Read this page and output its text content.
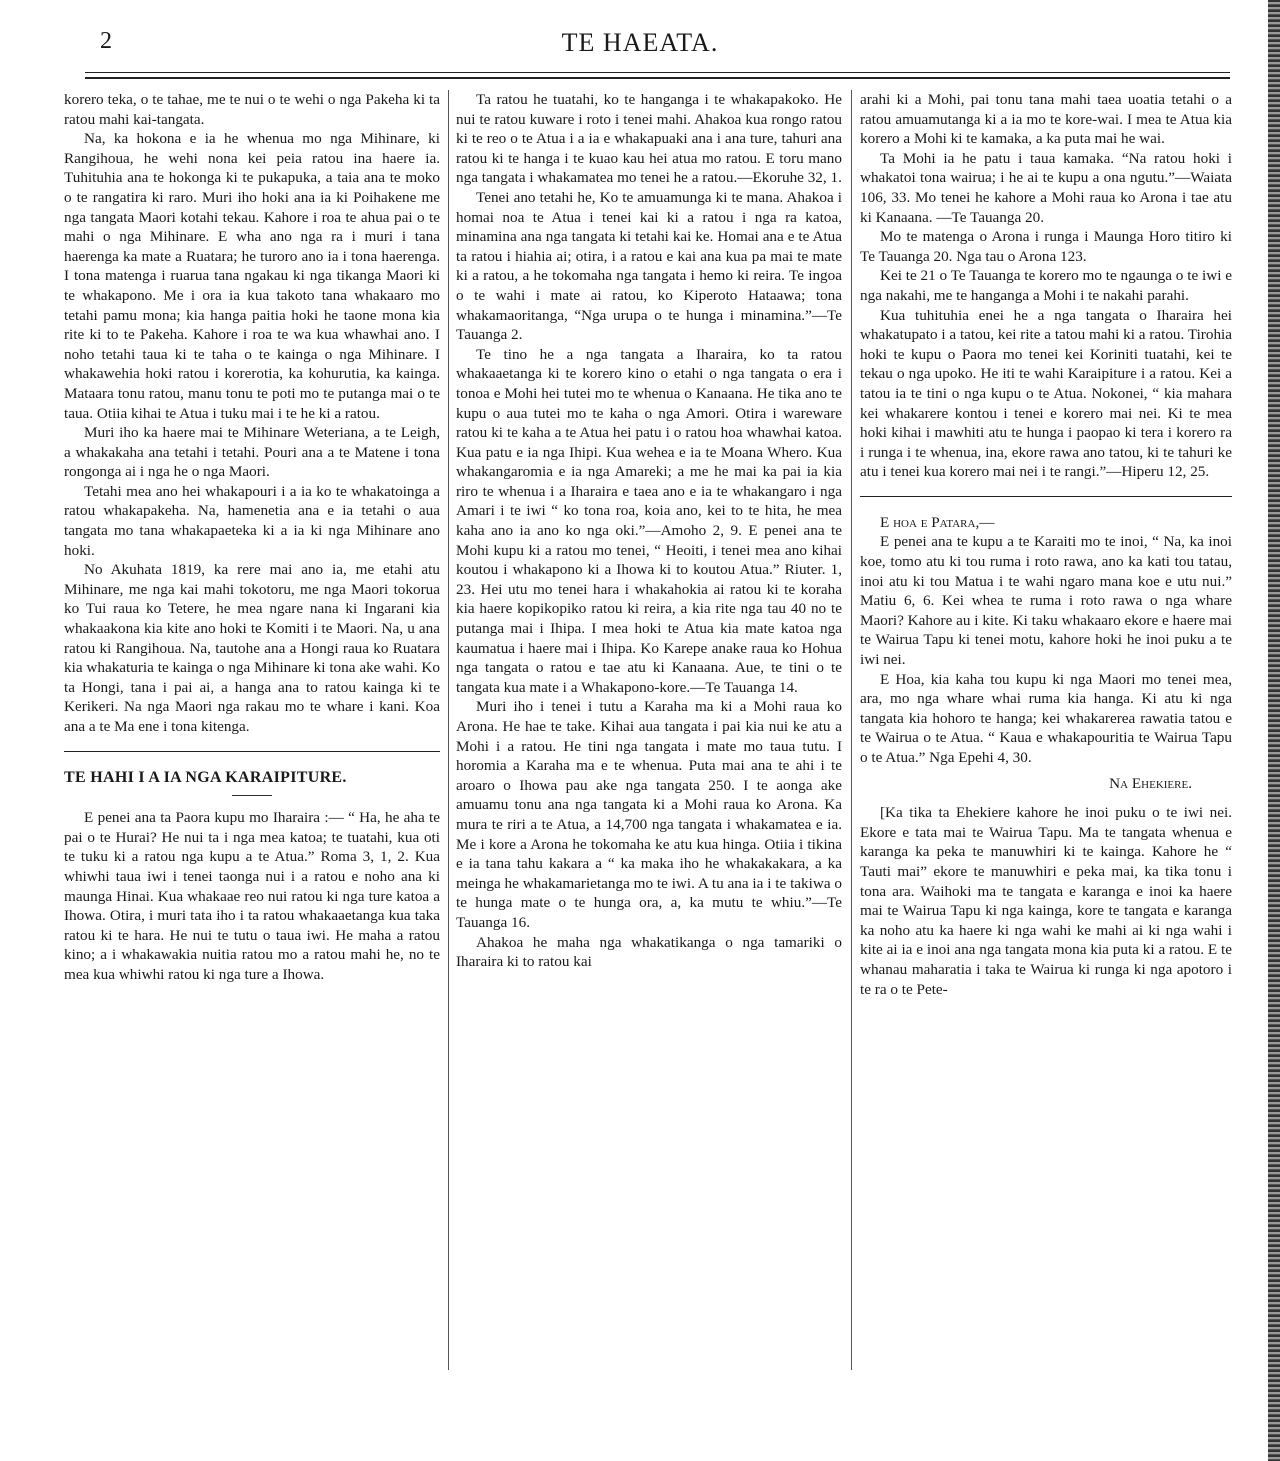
2	TE HAEATA.

korero teka, o te tahae, me te nui o te wehi o nga Pakeha ki ta ratou mahi kai-tangata.

Na, ka hokona e ia he whenua mo nga Mihinare, ki Rangihoua, he wehi nona kei peia ratou ina haere ia. Tuhituhia ana te hokonga ki te pukapuka, a taia ana te moko o te rangatira ki raro. Muri iho hoki ana ia ki Poihakene me nga tangata Maori kotahi tekau. Kahore i roa te ahua pai o te mahi o nga Mihinare. E wha ano nga ra i muri i tana haerenga ka mate a Ruatara; he turoro ano ia i tona haerenga. I tona matenga i ruarua tana ngakau ki nga tikanga Maori ki te whakapono. Me i ora ia kua takoto tana whakaaro mo tetahi pamu mona; kia hanga paitia hoki he taone mona kia rite ki to te Pakeha. Kahore i roa te wa kua whawhai ano. I noho tetahi taua ki te taha o te kainga o nga Mihinare. I whakawehia hoki ratou i korerotia, ka kohurutia, ka kainga. Mataara tonu ratou, manu tonu te poti mo te putanga mai o te taua. Otiia kihai te Atua i tuku mai i te he ki a ratou.

Muri iho ka haere mai te Mihinare Weteriana, a te Leigh, a whakakaha ana tetahi i tetahi. Pouri ana a te Matene i tona rongonga ai i nga he o nga Maori.

Tetahi mea ano hei whakapouri i a ia ko te whakatoinga a ratou whakapakeha. Na, hamenetia ana e ia tetahi o aua tangata mo tana whakapaeteka ki a ia ki nga Mihinare ano hoki.

No Akuhata 1819, ka rere mai ano ia, me etahi atu Mihinare, me nga kai mahi tokotoru, me nga Maori tokorua ko Tui raua ko Tetere, he mea ngare nana ki Ingarani kia whakaakona kia kite ano hoki te Komiti i te Maori. Na, u ana ratou ki Rangihoua. Na, tautohe ana a Hongi raua ko Ruatara kia whakaturia te kainga o nga Mihinare ki tona ake wahi. Ko ta Hongi, tana i pai ai, a hanga ana to ratou kainga ki te Kerikeri. Na nga Maori nga rakau mo te whare i kani. Koa ana a te Ma ene i tona kitenga.

TE HAHI I A IA NGA KARAIPITURE.

E penei ana ta Paora kupu mo Iharaira :— “ Ha, he aha te pai o te Hurai? He nui ta i nga mea katoa; te tuatahi, kua oti te tuku ki a ratou nga kupu a te Atua.” Roma 3, 1, 2. Kua whiwhi taua iwi i tenei taonga nui i a ratou e noho ana ki maunga Hinai. Kua whakaae reo nui ratou ki nga ture katoa a Ihowa. Otira, i muri tata iho i ta ratou whakaaetanga kua taka ratou ki te hara. He nui te tutu o taua iwi. He maha a ratou kino; a i whakawakia nuitia ratou mo a ratou mahi he, no te mea kua whiwhi ratou ki nga ture a Ihowa.

Ta ratou he tuatahi, ko te hanganga i te whakapakoko. He nui te ratou kuware i roto i tenei mahi. Ahakoa kua rongo ratou ki te reo o te Atua i a ia e whakapuaki ana i ana ture, tahuri ana ratou ki te hanga i te kuao kau hei atua mo ratou. E toru mano nga tangata i whakamatea mo tenei he a ratou.—Ekoruhe 32, 1.

Tenei ano tetahi he, Ko te amuamunga ki te mana. Ahakoa i homai noa te Atua i tenei kai ki a ratou i nga ra katoa, minamina ana nga tangata ki tetahi kai ke. Homai ana e te Atua ta ratou i hiahia ai; otira, i a ratou e kai ana kua pa mai te mate ki a ratou, a he tokomaha nga tangata i hemo ki reira. Te ingoa o te wahi i mate ai ratou, ko Kiperoto Hataawa; tona whakamaoritanga, “Nga urupa o te hunga i minamina.”—Te Tauanga 2.

Te tino he a nga tangata a Iharaira, ko ta ratou whakaaetanga ki te korero kino o etahi o nga tangata o era i tonoa e Mohi hei tutei mo te whenua o Kanaana. He tika ano te kupu o aua tutei mo te kaha o nga Amori. Otira i wareware ratou ki te kaha a te Atua hei patu i o ratou hoa whawhai katoa. Kua patu e ia nga Ihipi. Kua wehea e ia te Moana Whero. Kua whakangaromia e ia nga Amareki; a me he mai ka pai ia kia riro te whenua i a Iharaira e taea ano e ia te whakangaro i nga Amari i te iwi “ ko tona roa, koia ano, kei to te hita, he mea kaha ano ia ano ko nga oki.”—Amoho 2, 9. E penei ana te Mohi kupu ki a ratou mo tenei, “ Heoiti, i tenei mea ano kihai koutou i whakapono ki a Ihowa ki to koutou Atua.” Riuter. 1, 23. Hei utu mo tenei hara i whakahokia ai ratou ki te koraha kia haere kopikopiko ratou ki reira, a kia rite nga tau 40 no te putanga mai i Ihipa. I mea hoki te Atua kia mate katoa nga kaumatua i haere mai i Ihipa. Ko Karepe anake raua ko Hohua nga tangata o ratou e tae atu ki Kanaana. Aue, te tini o te tangata kua mate i a Whakapono-kore.—Te Tauanga 14.

Muri iho i tenei i tutu a Karaha ma ki a Mohi raua ko Arona. He hae te take. Kihai aua tangata i pai kia nui ke atu a Mohi i a ratou. He tini nga tangata i mate mo taua tutu. I horomia a Karaha ma e te whenua. Puta mai ana te ahi i te aroaro o Ihowa pau ake nga tangata 250. I te aonga ake amuamu tonu ana nga tangata ki a Mohi raua ko Arona. Ka mura te riri a te Atua, a 14,700 nga tangata i whakamatea e ia. Me i kore a Arona he tokomaha ke atu kua hinga. Otiia i tikina e ia tana tahu kakara a “ ka maka iho he whakakakara, a ka meinga he whakamarietanga mo te iwi. A tu ana ia i te takiwa o te hunga mate o te hunga ora, a, ka mutu te whiu.”—Te Tauanga 16.

Ahakoa he maha nga whakatikanga o nga tamariki o Iharaira ki to ratou kai

arahi ki a Mohi, pai tonu tana mahi taea uoatia tetahi o a ratou amuamutanga ki a ia mo te kore-wai. I mea te Atua kia korero a Mohi ki te kamaka, a ka puta mai he wai.

Ta Mohi ia he patu i taua kamaka. “Na ratou hoki i whakatoi tona wairua; i he ai te kupu a ona ngutu.”—Waiata 106, 33. Mo tenei he kahore a Mohi raua ko Arona i tae atu ki Kanaana. —Te Tauanga 20.

Mo te matenga o Arona i runga i Maunga Horo titiro ki Te Tauanga 20. Nga tau o Arona 123.

Kei te 21 o Te Tauanga te korero mo te ngaunga o te iwi e nga nakahi, me te hanganga a Mohi i te nakahi parahi.

Kua tuhituhia enei he a nga tangata o Iharaira hei whakatupato i a tatou, kei rite a tatou mahi ki a ratou. Tirohia hoki te kupu o Paora mo tenei kei Koriniti tuatahi, kei te tekau o nga upoko. He iti te wahi Karaipiture i a ratou. Kei a tatou ia te tini o nga kupu o te Atua. Nokonei, “ kia mahara kei whakarere kontou i tenei e korero mai nei. Ki te mea hoki kihai i mawhiti atu te hunga i paopao ki tera i korero ra i runga i te whenua, ina, ekore rawa ano tatou, ki te tahuri ke atu i tenei kua korero mai nei i te rangi.”—Hiperu 12, 25.

E hoa e Patara,—

E penei ana te kupu a te Karaiti mo te inoi, “ Na, ka inoi koe, tomo atu ki tou ruma i roto rawa, ano ka kati tou tatau, inoi atu ki tou Matua i te wahi ngaro mana koe e utu nui.” Matiu 6, 6. Kei whea te ruma i roto rawa o nga whare Maori? Kahore au i kite. Ki taku whakaaro ekore e haere mai te Wairua Tapu ki tenei motu, kahore hoki he inoi puku a te iwi nei.

E Hoa, kia kaha tou kupu ki nga Maori mo tenei mea, ara, mo nga whare whai ruma kia hanga. Ki atu ki nga tangata kia hohoro te hanga; kei whakarerea rawatia tatou e te Wairua o te Atua. “ Kaua e whakapouritia te Wairua Tapu o te Atua.” Nga Epehi 4, 30.

Na Ehekiere.

[Ka tika ta Ehekiere kahore he inoi puku o te iwi nei. Ekore e tata mai te Wairua Tapu. Ma te tangata whenua e karanga ka peka te manuwhiri ki te kainga. Kahore he “ Tauti mai” ekore te manuwhiri e peka mai, ka tika tonu i tona ara. Waihoki ma te tangata e karanga e inoi ka haere mai te Wairua Tapu ki nga kainga, kore te tangata e karanga ka noho atu ka haere ki nga wahi ke mahi ai ki nga wahi i kite ai ia e inoi ana nga tangata mona kia puta ki a ratou. E te whanau maharatia i taka te Wairua ki runga ki nga apotoro i te ra o te Pete-
